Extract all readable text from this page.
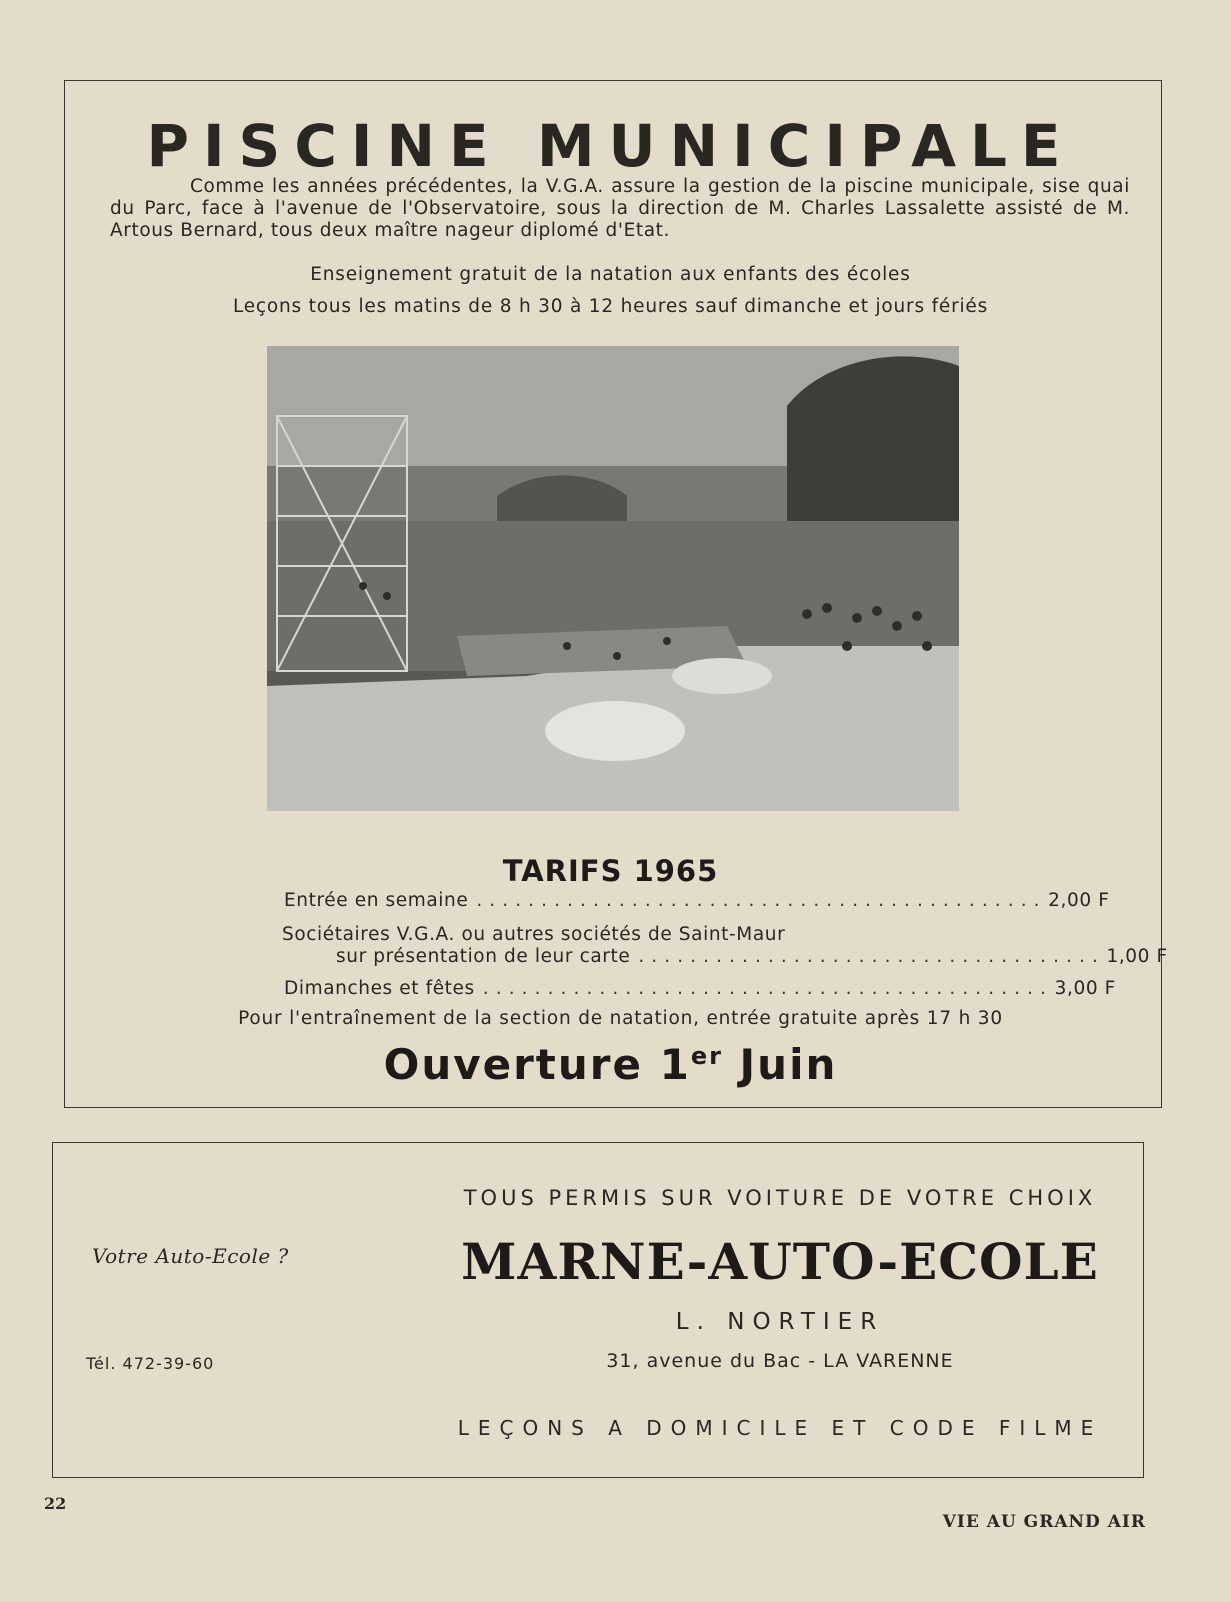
PISCINE MUNICIPALE
Comme les années précédentes, la V.G.A. assure la gestion de la piscine municipale, sise quai du Parc, face à l'avenue de l'Observatoire, sous la direction de M. Charles Lassalette assisté de M. Artous Bernard, tous deux maître nageur diplomé d'Etat.
Enseignement gratuit de la natation aux enfants des écoles
Leçons tous les matins de 8 h 30 à 12 heures sauf dimanche et jours fériés
TARIFS 1965
Entrée en semaine . . . . . . . . . . . . . . . . . . . . . . . . . . . . . . . . . . . . . . . . . . . . 2,00 F
Sociétaires V.G.A. ou autres sociétés de Saint-Maur
sur présentation de leur carte . . . . . . . . . . . . . . . . . . . . . . . . . . . . . . . . . . . . 1,00 F
Dimanches et fêtes . . . . . . . . . . . . . . . . . . . . . . . . . . . . . . . . . . . . . . . . . . . . 3,00 F
Pour l'entraînement de la section de natation, entrée gratuite après 17 h 30
Ouverture 1er Juin
Votre Auto-Ecole ?
Tél. 472-39-60
TOUS PERMIS SUR VOITURE DE VOTRE CHOIX
MARNE-AUTO-ECOLE
L. NORTIER
31, avenue du Bac - LA VARENNE
LEÇONS A DOMICILE ET CODE FILME
22
VIE AU GRAND AIR
